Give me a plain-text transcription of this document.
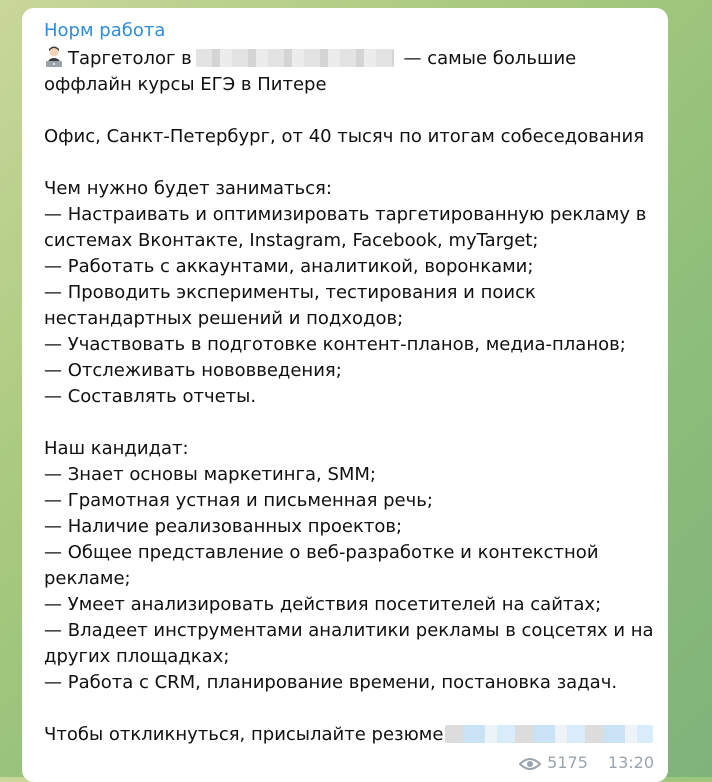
Норм работа
Таргетолог в	— самые большие
оффлайн курсы ЕГЭ в Питере
Офис, Санкт-Петербург, от 40 тысяч по итогам собеседования
Чем нужно будет заниматься:
— Настраивать и оптимизировать таргетированную рекламу в
системах Вконтакте, Instagram, Facebook, myTarget;
— Работать с аккаунтами, аналитикой, воронками;
— Проводить эксперименты, тестирования и поиск
нестандартных решений и подходов;
— Участвовать в подготовке контент-планов, медиа-планов;
— Отслеживать нововведения;
— Составлять отчеты.
Наш кандидат:
— Знает основы маркетинга, SMM;
— Грамотная устная и письменная речь;
— Наличие реализованных проектов;
— Общее представление о веб-разработке и контекстной
рекламе;
— Умеет анализировать действия посетителей на сайтах;
— Владеет инструментами аналитики рекламы в соцсетях и на
других площадках;
— Работа с CRM, планирование времени, постановка задач.
Чтобы откликнуться, присылайте резюме
5175 13:20
